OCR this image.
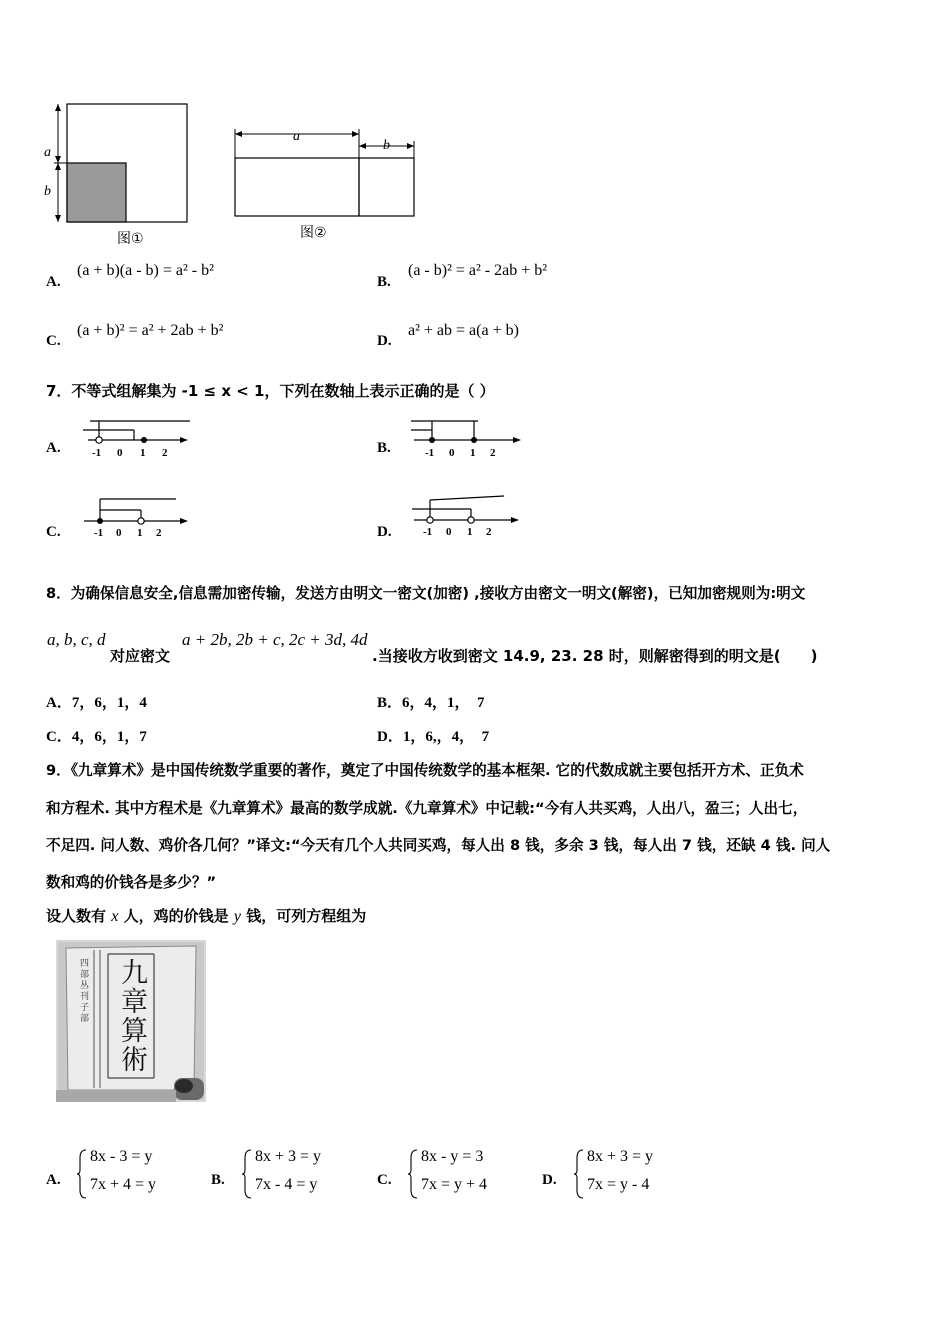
a
b
图①
a
b
图②
A.
(a + b)(a - b) = a² - b²
B.
(a - b)² = a² - 2ab + b²
C.
(a + b)² = a² + 2ab + b²
D.
a² + ab = a(a + b)
7．不等式组解集为 -1 ≤ x < 1，下列在数轴上表示正确的是（ ）
A.	-1 0 1 2	B.	-1 0 1 2
C.	-1 0 1 2	D.	-1 0 1 2
8．为确保信息安全,信息需加密传输，发送方由明文一密文(加密) ,接收方由密文一明文(解密)，已知加密规则为:明文
a, b, c, d
对应密文
a + 2b, 2b + c, 2c + 3d, 4d
.当接收方收到密文 14.9, 23. 28 时，则解密得到的明文是(　　)
A．7，6，1，4	B．6，4，1，　7
C．4，6，1，7	D．1，6,，4，　7
9．《九章算术》是中国传统数学重要的著作，奠定了中国传统数学的基本框架. 它的代数成就主要包括开方术、正负术
和方程术. 其中方程术是《九章算术》最高的数学成就.《九章算术》中记载:“今有人共买鸡，人出八，盈三；人出七，
不足四. 问人数、鸡价各几何？”译文:“今天有几个人共同买鸡，每人出 8 钱，多余 3 钱，每人出 7 钱，还缺 4 钱. 问人
数和鸡的价钱各是多少？”
设人数有 x 人，鸡的价钱是 y 钱，可列方程组为
四部丛刊子部 九章算術
A.
8x - 3 = y
7x + 4 = y	B.
8x + 3 = y
7x - 4 = y	C.
8x - y = 3
7x = y + 4	D.
8x + 3 = y
7x = y - 4
